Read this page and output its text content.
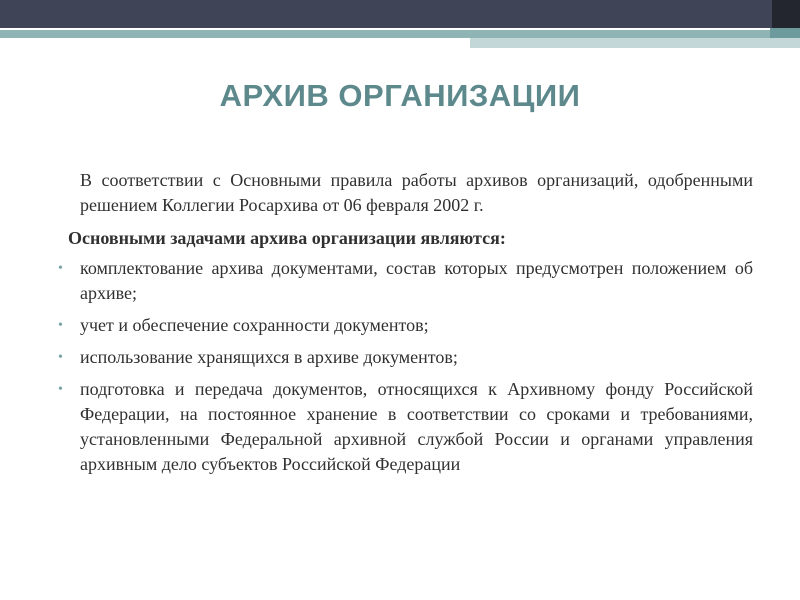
АРХИВ ОРГАНИЗАЦИИ

В соответствии с Основными правила работы архивов организаций, одобренными решением Коллегии Росархива от 06 февраля 2002 г.

Основными задачами архива организации являются:

• комплектование архива документами, состав которых предусмотрен положением об архиве;
• учет и обеспечение сохранности документов;
• использование хранящихся в архиве документов;
• подготовка и передача документов, относящихся к Архивному фонду Российской Федерации, на постоянное хранение в соответствии со сроками и требованиями, установленными Федеральной архивной службой России и органами управления архивным дело субъектов Российской Федерации
